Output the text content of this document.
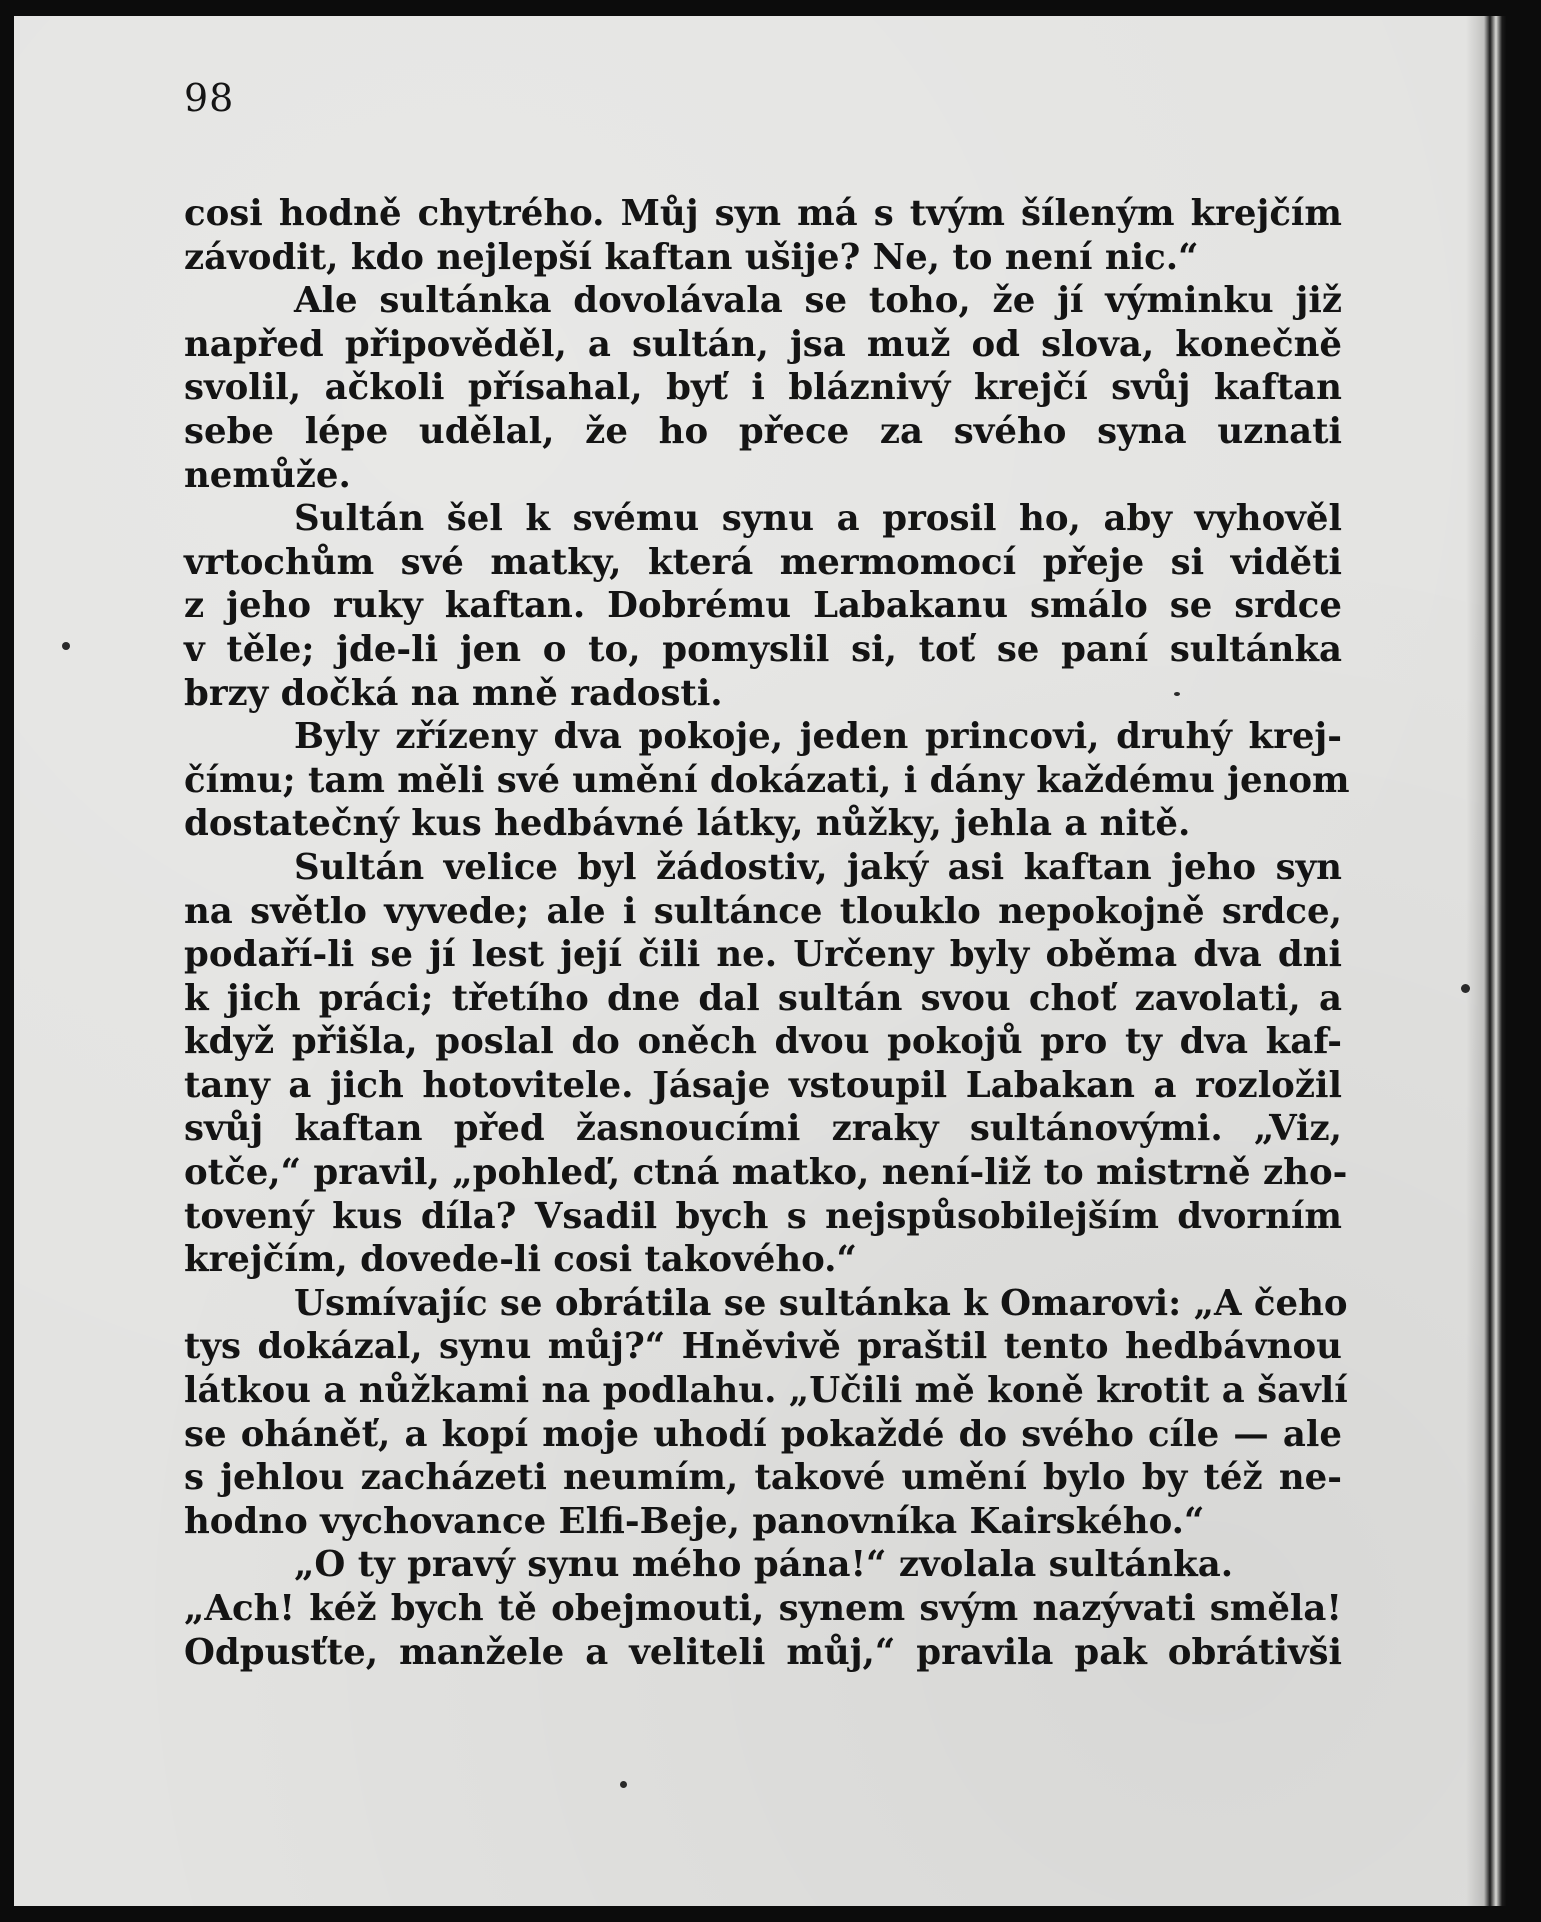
98
cosi hodně chytrého. Můj syn má s tvým šíleným krejčím
závodit, kdo nejlepší kaftan ušije? Ne, to není nic.“
Ale sultánka dovolávala se toho, že jí výminku již
napřed připověděl, a sultán, jsa muž od slova, konečně
svolil, ačkoli přísahal, byť i bláznivý krejčí svůj kaftan
sebe lépe udělal, že ho přece za svého syna uznati
nemůže.
Sultán šel k svému synu a prosil ho, aby vyhověl
vrtochům své matky, která mermomocí přeje si viděti
z jeho ruky kaftan. Dobrému Labakanu smálo se srdce
v těle; jde-li jen o to, pomyslil si, toť se paní sultánka
brzy dočká na mně radosti.
Byly zřízeny dva pokoje, jeden princovi, druhý krej-
čímu; tam měli své umění dokázati, i dány každému jenom
dostatečný kus hedbávné látky, nůžky, jehla a nitě.
Sultán velice byl žádostiv, jaký asi kaftan jeho syn
na světlo vyvede; ale i sultánce tlouklo nepokojně srdce,
podaří-li se jí lest její čili ne. Určeny byly oběma dva dni
k jich práci; třetího dne dal sultán svou choť zavolati, a
když přišla, poslal do oněch dvou pokojů pro ty dva kaf-
tany a jich hotovitele. Jásaje vstoupil Labakan a rozložil
svůj kaftan před žasnoucími zraky sultánovými. „Viz,
otče,“ pravil, „pohleď, ctná matko, není-liž to mistrně zho-
tovený kus díla? Vsadil bych s nejspůsobilejším dvorním
krejčím, dovede-li cosi takového.“
Usmívajíc se obrátila se sultánka k Omarovi: „A čeho
tys dokázal, synu můj?“ Hněvivě praštil tento hedbávnou
látkou a nůžkami na podlahu. „Učili mě koně krotit a šavlí
se oháněť, a kopí moje uhodí pokaždé do svého cíle — ale
s jehlou zacházeti neumím, takové umění bylo by též ne-
hodno vychovance Elfi-Beje, panovníka Kairského.“
„O ty pravý synu mého pána!“ zvolala sultánka.
„Ach! kéž bych tě obejmouti, synem svým nazývati směla!
Odpusťte, manžele a veliteli můj,“ pravila pak obrátivši
